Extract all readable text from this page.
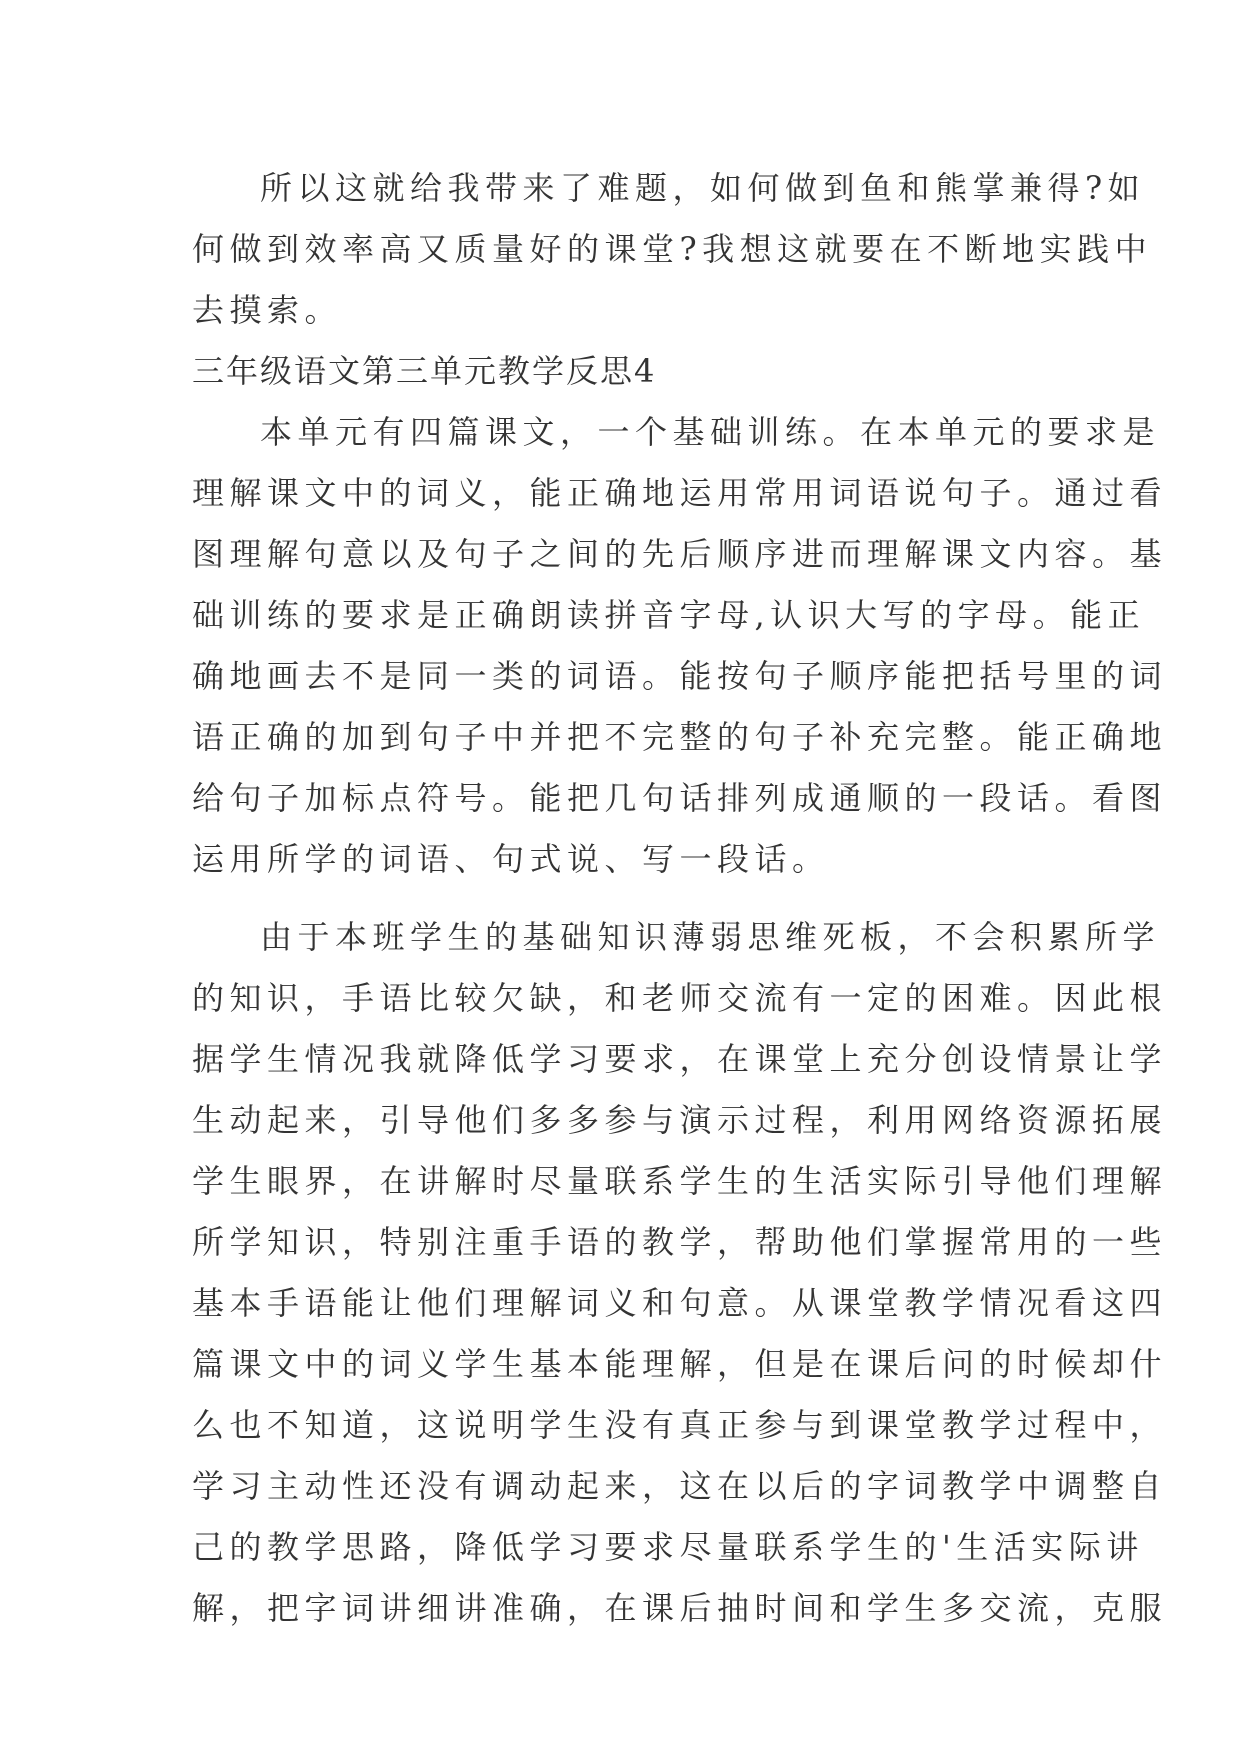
所以这就给我带来了难题，如何做到鱼和熊掌兼得?如
何做到效率高又质量好的课堂?我想这就要在不断地实践中
去摸索。
三年级语文第三单元教学反思4
本单元有四篇课文，一个基础训练。在本单元的要求是
理解课文中的词义，能正确地运用常用词语说句子。通过看
图理解句意以及句子之间的先后顺序进而理解课文内容。基
础训练的要求是正确朗读拼音字母,认识大写的字母。能正
确地画去不是同一类的词语。能按句子顺序能把括号里的词
语正确的加到句子中并把不完整的句子补充完整。能正确地
给句子加标点符号。能把几句话排列成通顺的一段话。看图
运用所学的词语、句式说、写一段话。
由于本班学生的基础知识薄弱思维死板，不会积累所学
的知识，手语比较欠缺，和老师交流有一定的困难。因此根
据学生情况我就降低学习要求，在课堂上充分创设情景让学
生动起来，引导他们多多参与演示过程，利用网络资源拓展
学生眼界，在讲解时尽量联系学生的生活实际引导他们理解
所学知识，特别注重手语的教学，帮助他们掌握常用的一些
基本手语能让他们理解词义和句意。从课堂教学情况看这四
篇课文中的词义学生基本能理解，但是在课后问的时候却什
么也不知道，这说明学生没有真正参与到课堂教学过程中，
学习主动性还没有调动起来，这在以后的字词教学中调整自
己的教学思路，降低学习要求尽量联系学生的'生活实际讲
解，把字词讲细讲准确，在课后抽时间和学生多交流，克服
